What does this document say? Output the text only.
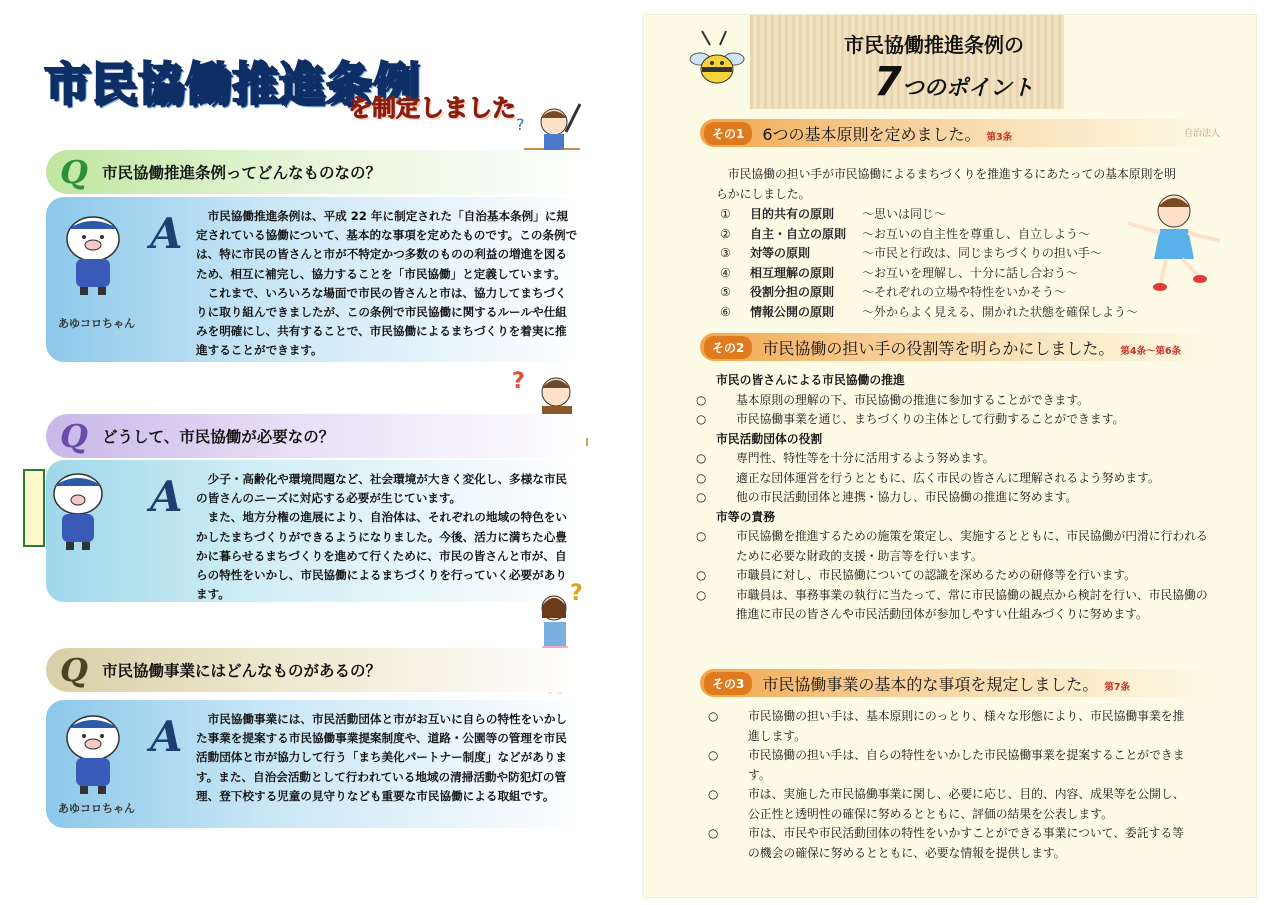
市民協働推進条例
を制定しました
?
Q 市民協働推進条例ってどんなものなの？
あゆコロちゃん
A	市民協働推進条例は、平成 22 年に制定された「自治基本条例」に規定されている協働について、基本的な事項を定めたものです。この条例では、特に市民の皆さんと市が不特定かつ多数のものの利益の増進を図るため、相互に補完し、協力することを「市民協働」と定義しています。

これまで、いろいろな場面で市民の皆さんと市は、協力してまちづくりに取り組んできましたが、この条例で市民協働に関するルールや仕組みを明確にし、共有することで、市民協働によるまちづくりを着実に推進することができます。

?
Q どうして、市民協働が必要なの？
A	少子・高齢化や環境問題など、社会環境が大きく変化し、多様な市民の皆さんのニーズに対応する必要が生じています。

また、地方分権の進展により、自治体は、それぞれの地域の特色をいかしたまちづくりができるようになりました。今後、活力に満ちた心豊かに暮らせるまちづくりを進めて行くために、市民の皆さんと市が、自らの特性をいかし、市民協働によるまちづくりを行っていく必要があります。	?
Q 市民協働事業にはどんなものがあるの？
あゆコロちゃん
A	市民協働事業には、市民活動団体と市がお互いに自らの特性をいかした事業を提案する市民協働事業提案制度や、道路・公園等の管理を市民活動団体と市が協力して行う「まち美化パートナー制度」などがあります。また、自治会活動として行われている地域の清掃活動や防犯灯の管理、登下校する児童の見守りなども重要な市民協働による取組です。

市民協働推進条例の
7つのポイント
その1	6つの基本原則を定めました。 第3条	自治法人
市民協働の担い手が市民協働によるまちづくりを推進するにあたっての基本原則を明らかにしました。
①	目的共有の原則	～思いは同じ～
②	自主・自立の原則	～お互いの自主性を尊重し、自立しよう～
③	対等の原則	～市民と行政は、同じまちづくりの担い手～
④	相互理解の原則	～お互いを理解し、十分に話し合おう～
⑤	役割分担の原則	～それぞれの立場や特性をいかそう～
⑥	情報公開の原則	～外からよく見える、開かれた状態を確保しよう～
その2	市民協働の担い手の役割等を明らかにしました。 第4条～第6条
市民の皆さんによる市民協働の推進
○	基本原則の理解の下、市民協働の推進に参加することができます。
○	市民協働事業を通じ、まちづくりの主体として行動することができます。
市民活動団体の役割
○	専門性、特性等を十分に活用するよう努めます。
○	適正な団体運営を行うとともに、広く市民の皆さんに理解されるよう努めます。
○	他の市民活動団体と連携・協力し、市民協働の推進に努めます。
市等の責務
○	市民協働を推進するための施策を策定し、実施するとともに、市民協働が円滑に行われるために必要な財政的支援・助言等を行います。
○	市職員に対し、市民協働についての認識を深めるための研修等を行います。
○	市職員は、事務事業の執行に当たって、常に市民協働の観点から検討を行い、市民協働の推進に市民の皆さんや市民活動団体が参加しやすい仕組みづくりに努めます。
その3	市民協働事業の基本的な事項を規定しました。 第7条
○	市民協働の担い手は、基本原則にのっとり、様々な形態により、市民協働事業を推進します。
○	市民協働の担い手は、自らの特性をいかした市民協働事業を提案することができます。
○	市は、実施した市民協働事業に関し、必要に応じ、目的、内容、成果等を公開し、公正性と透明性の確保に努めるとともに、評価の結果を公表します。
○	市は、市民や市民活動団体の特性をいかすことができる事業について、委託する等の機会の確保に努めるとともに、必要な情報を提供します。
